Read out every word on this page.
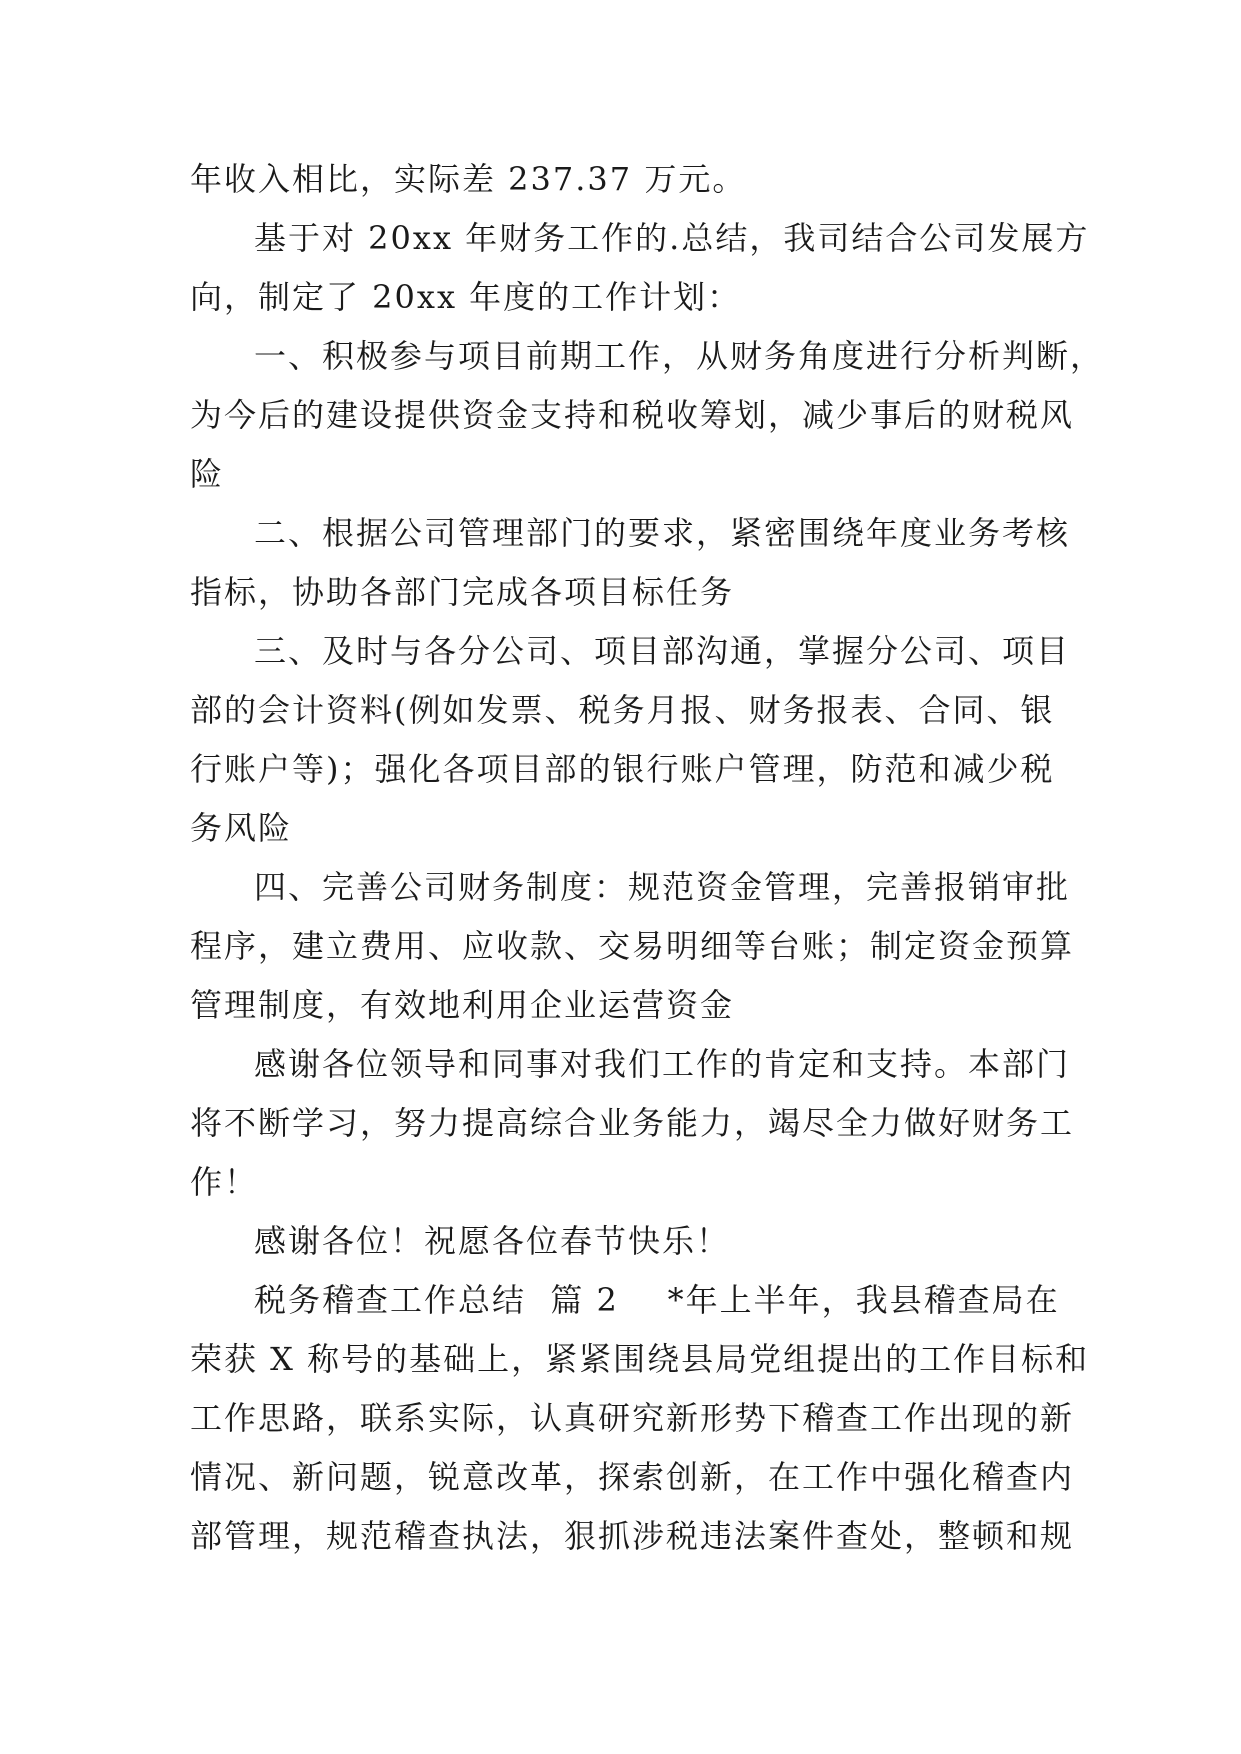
年收入相比，实际差 237.37 万元。

基于对 20xx 年财务工作的.总结，我司结合公司发展方
向，制定了 20xx 年度的工作计划：

一、积极参与项目前期工作，从财务角度进行分析判断，
为今后的建设提供资金支持和税收筹划，减少事后的财税风
险

二、根据公司管理部门的要求，紧密围绕年度业务考核
指标，协助各部门完成各项目标任务

三、及时与各分公司、项目部沟通，掌握分公司、项目
部的会计资料(例如发票、税务月报、财务报表、合同、银
行账户等)；强化各项目部的银行账户管理，防范和减少税
务风险

四、完善公司财务制度：规范资金管理，完善报销审批
程序，建立费用、应收款、交易明细等台账；制定资金预算
管理制度，有效地利用企业运营资金

感谢各位领导和同事对我们工作的肯定和支持。本部门
将不断学习，努力提高综合业务能力，竭尽全力做好财务工
作！

感谢各位！祝愿各位春节快乐！

税务稽查工作总结  篇 2    *年上半年，我县稽查局在
荣获 X 称号的基础上，紧紧围绕县局党组提出的工作目标和
工作思路，联系实际，认真研究新形势下稽查工作出现的新
情况、新问题，锐意改革，探索创新，在工作中强化稽查内
部管理，规范稽查执法，狠抓涉税违法案件查处，整顿和规
